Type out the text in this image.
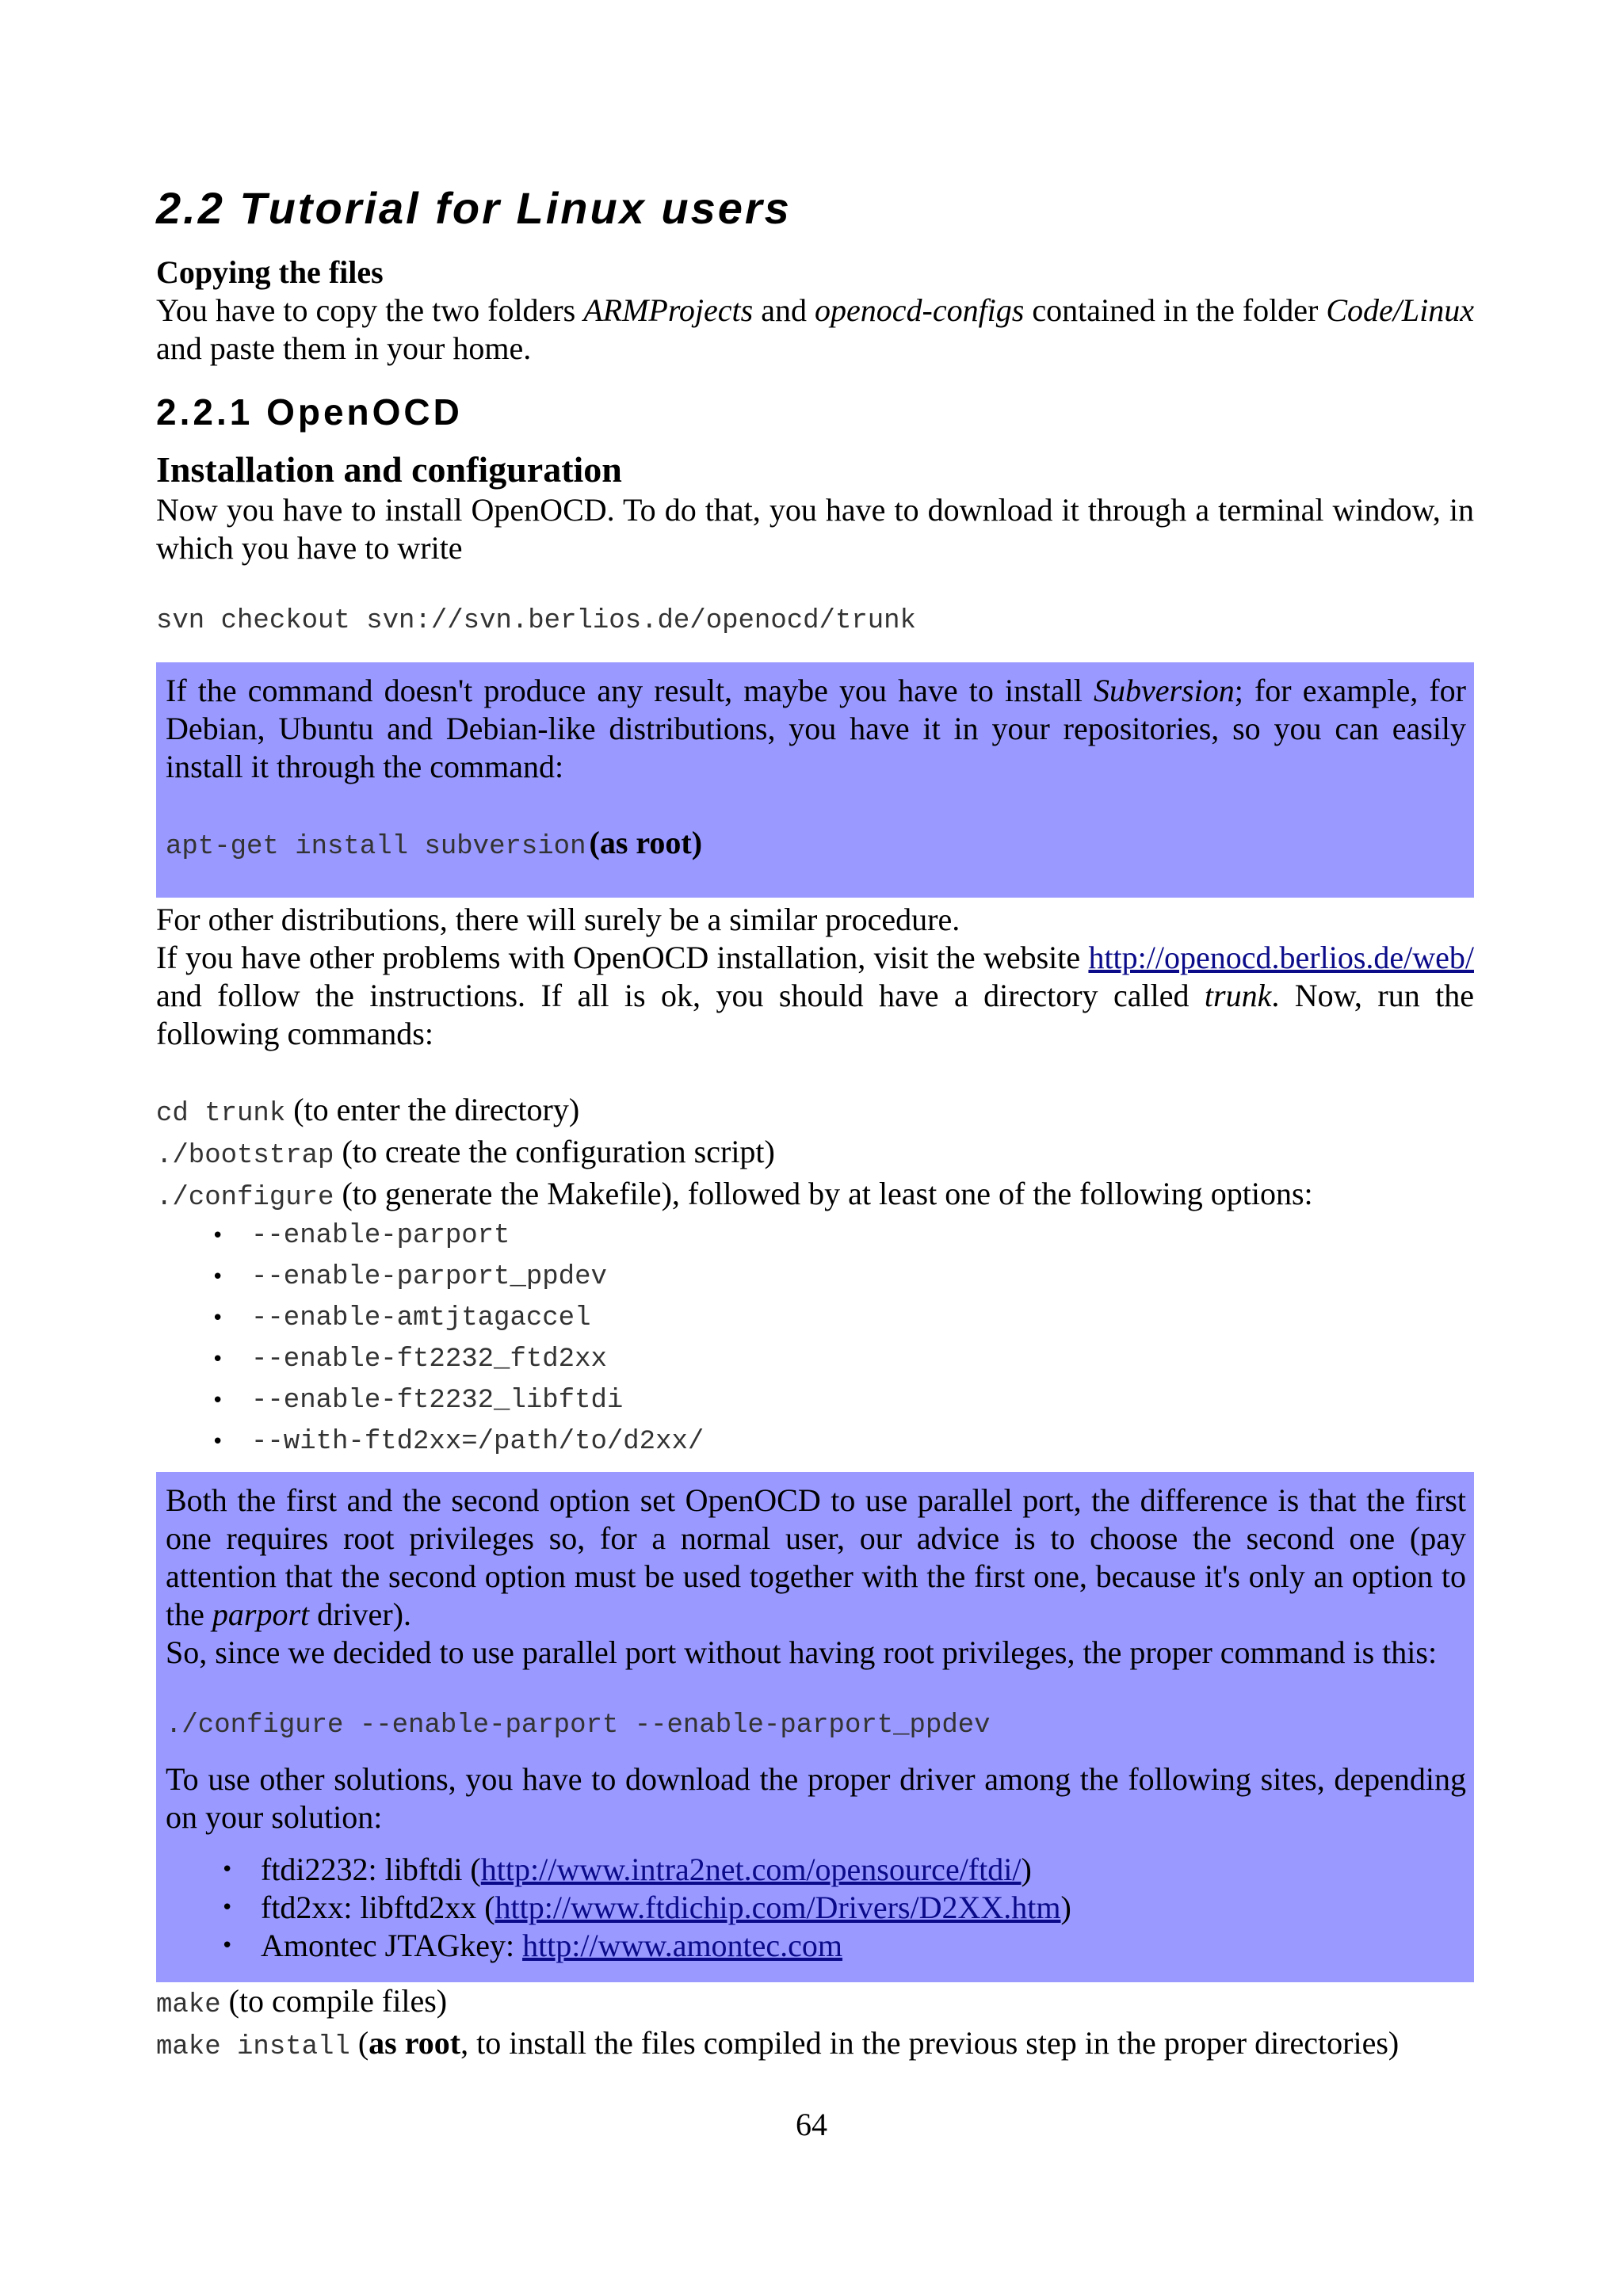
2.2 Tutorial for Linux users
Copying the files

You have to copy the two folders ARMProjects and openocd-configs contained in the folder Code/Linux and paste them in your home.

2.2.1 OpenOCD
Installation and configuration

Now you have to install OpenOCD. To do that, you have to download it through a terminal window, in which you have to write

svn checkout svn://svn.berlios.de/openocd/trunk

If the command doesn't produce any result, maybe you have to install Subversion; for example, for Debian, Ubuntu and Debian-like distributions, you have it in your repositories, so you can easily install it through the command:

apt-get install subversion (as root)

For other distributions, there will surely be a similar procedure.

If you have other problems with OpenOCD installation, visit the website http://openocd.berlios.de/web/ and follow the instructions. If all is ok, you should have a directory called trunk. Now, run the following commands:

cd trunk (to enter the directory)
./bootstrap (to create the configuration script)
./configure (to generate the Makefile), followed by at least one of the following options:
• --enable-parport
• --enable-parport_ppdev
• --enable-amtjtagaccel
• --enable-ft2232_ftd2xx
• --enable-ft2232_libftdi
• --with-ftd2xx=/path/to/d2xx/

Both the first and the second option set OpenOCD to use parallel port, the difference is that the first one requires root privileges so, for a normal user, our advice is to choose the second one (pay attention that the second option must be used together with the first one, because it's only an option to the parport driver).

So, since we decided to use parallel port without having root privileges, the proper command is this:

./configure --enable-parport --enable-parport_ppdev

To use other solutions, you have to download the proper driver among the following sites, depending on your solution:

• ftdi2232: libftdi (http://www.intra2net.com/opensource/ftdi/)
• ftd2xx: libftd2xx (http://www.ftdichip.com/Drivers/D2XX.htm)
• Amontec JTAGkey: http://www.amontec.com
make (to compile files)
make install (as root, to install the files compiled in the previous step in the proper directories)
64
